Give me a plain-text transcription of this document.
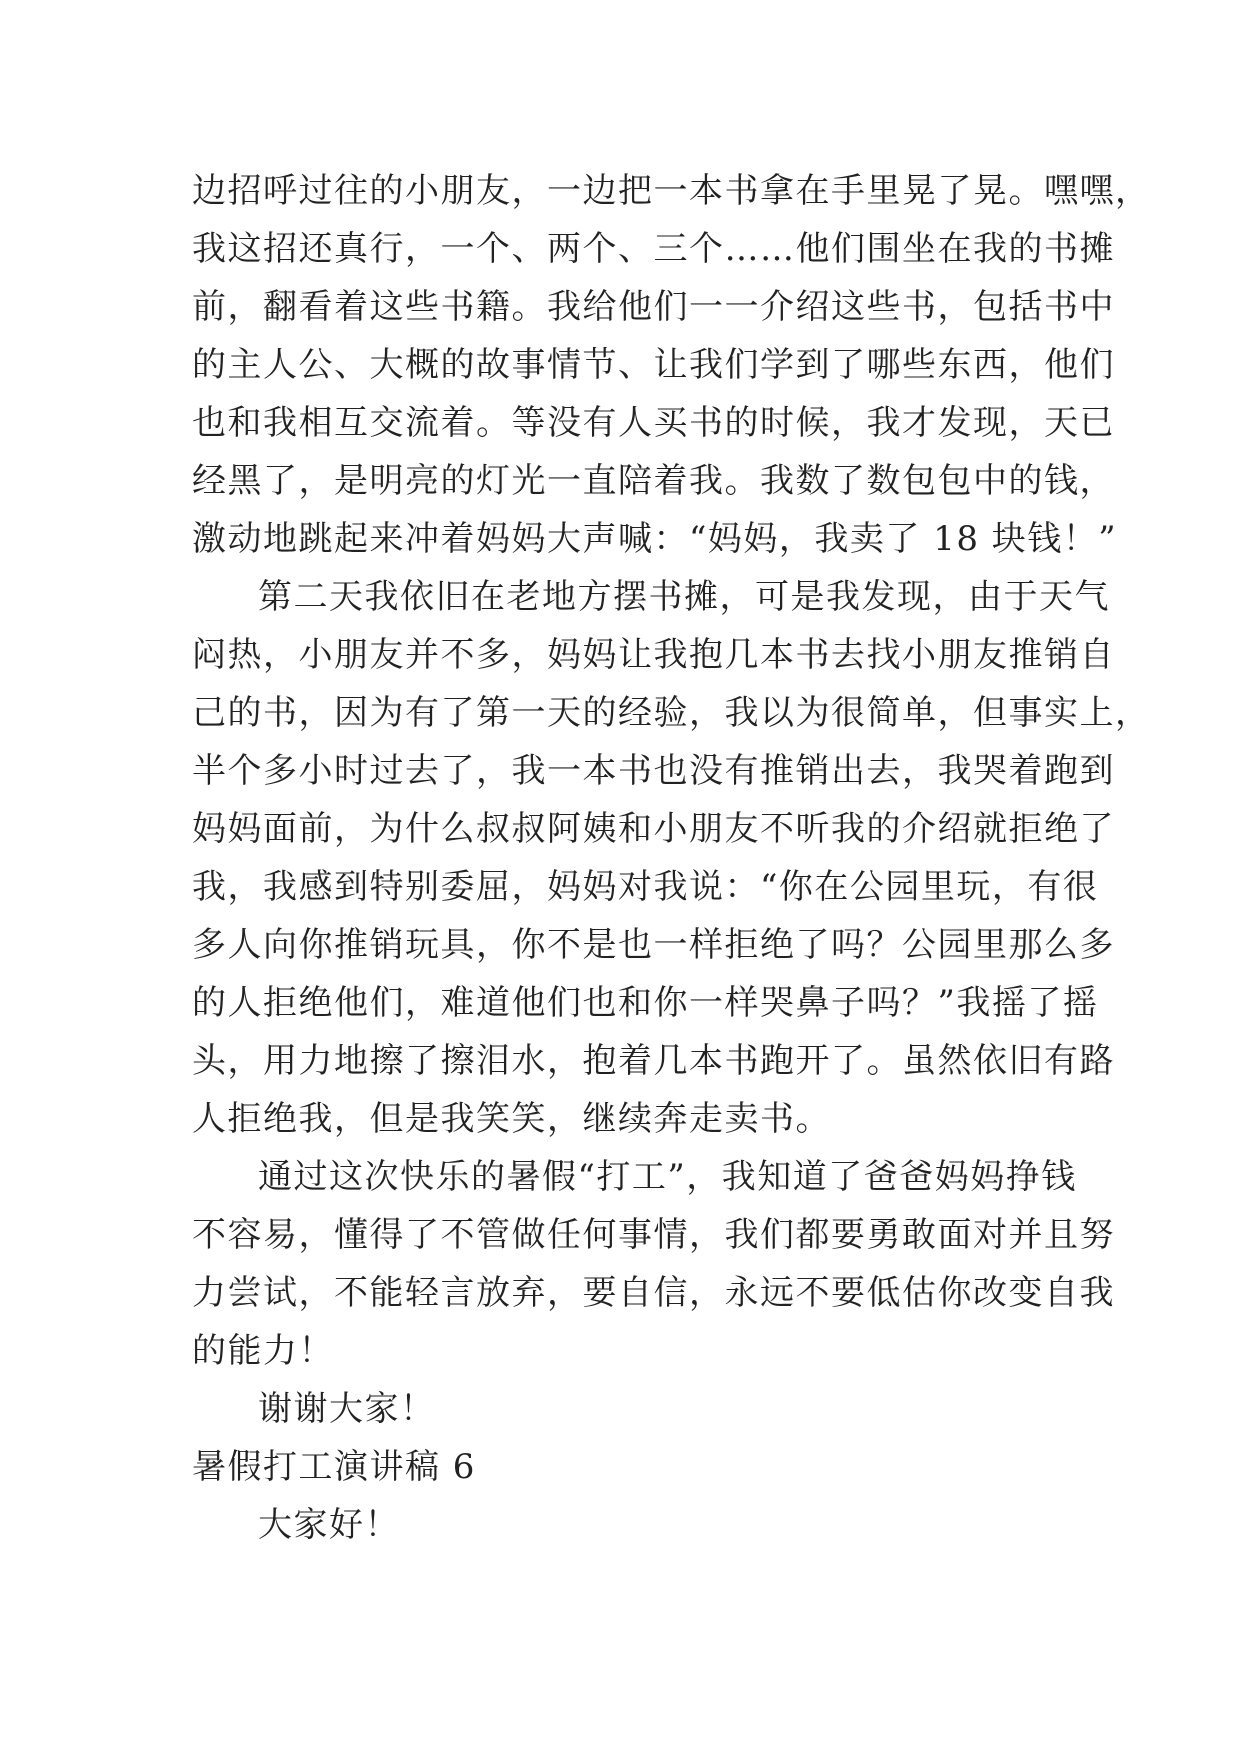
边招呼过往的小朋友，一边把一本书拿在手里晃了晃。嘿嘿，
我这招还真行，一个、两个、三个……他们围坐在我的书摊
前，翻看着这些书籍。我给他们一一介绍这些书，包括书中
的主人公、大概的故事情节、让我们学到了哪些东西，他们
也和我相互交流着。等没有人买书的时候，我才发现，天已
经黑了，是明亮的灯光一直陪着我。我数了数包包中的钱，
激动地跳起来冲着妈妈大声喊：“妈妈，我卖了 18 块钱！”
第二天我依旧在老地方摆书摊，可是我发现，由于天气
闷热，小朋友并不多，妈妈让我抱几本书去找小朋友推销自
己的书，因为有了第一天的经验，我以为很简单，但事实上，
半个多小时过去了，我一本书也没有推销出去，我哭着跑到
妈妈面前，为什么叔叔阿姨和小朋友不听我的介绍就拒绝了
我，我感到特别委屈，妈妈对我说：“你在公园里玩，有很
多人向你推销玩具，你不是也一样拒绝了吗？公园里那么多
的人拒绝他们，难道他们也和你一样哭鼻子吗？”我摇了摇
头，用力地擦了擦泪水，抱着几本书跑开了。虽然依旧有路
人拒绝我，但是我笑笑，继续奔走卖书。
通过这次快乐的暑假“打工”，我知道了爸爸妈妈挣钱
不容易，懂得了不管做任何事情，我们都要勇敢面对并且努
力尝试，不能轻言放弃，要自信，永远不要低估你改变自我
的能力！
谢谢大家！
暑假打工演讲稿 6
大家好！
